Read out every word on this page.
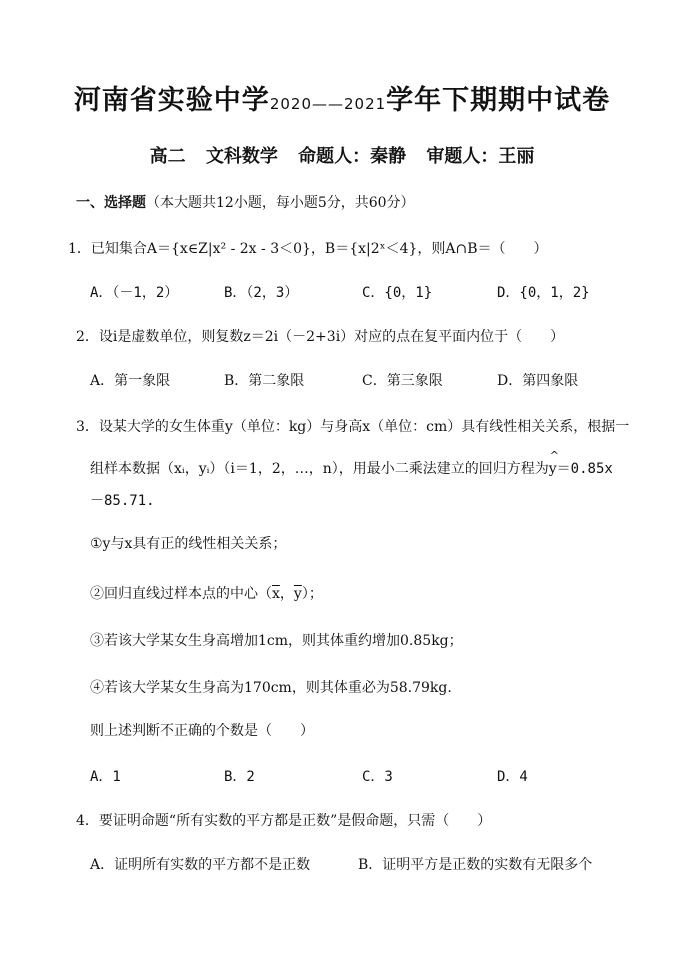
河南省实验中学2020——2021学年下期期中试卷
高二 文科数学 命题人：秦静 审题人：王丽
一、选择题（本大题共12小题，每小题5分，共60分）
1．已知集合A＝{x∈Z|x² - 2x - 3＜0}，B＝{x|2ˣ＜4}，则A∩B＝（　　）
A．（－1，2）	B．（2，3）	C．{0，1}	D．{0，1，2}
2．设i是虚数单位，则复数z＝2i（－2+3i）对应的点在复平面内位于（　　）
A．第一象限	B．第二象限	C．第三象限	D．第四象限
3．设某大学的女生体重y（单位：kg）与身高x（单位：cm）具有线性相关关系，根据一
组样本数据（xᵢ，yᵢ）（i＝1，2，…，n），用最小二乘法建立的回归方程为
^
y＝0.85x
－85.71.
①y与x具有正的线性相关关系；
②回归直线过样本点的中心（$\overline{x}$，$\overline{y}$）；
③若该大学某女生身高增加1cm，则其体重约增加0.85kg；
④若该大学某女生身高为170cm，则其体重必为58.79kg.
则上述判断不正确的个数是（　　）
A．1	B．2	C．3	D．4
4．要证明命题“所有实数的平方都是正数”是假命题，只需（　　）
A．证明所有实数的平方都不是正数	B．证明平方是正数的实数有无限多个
